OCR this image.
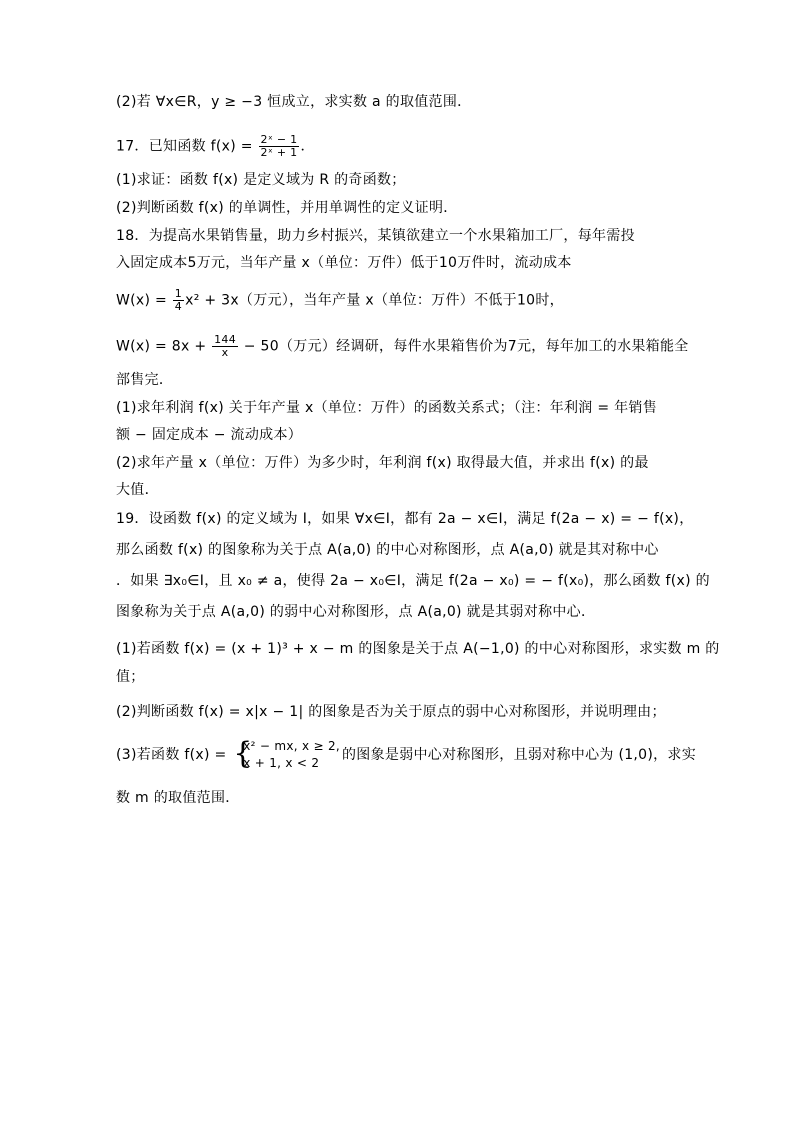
(2)若 ∀x∈R，y ≥ −3 恒成立，求实数 a 的取值范围．
17．已知函数 $f(x) = \frac{\text{2ˣ − 1}}{\text{2ˣ + 1}}$ ．
(1)求证：函数 f(x) 是定义域为 R 的奇函数；
(2)判断函数 f(x) 的单调性，并用单调性的定义证明．
18．为提高水果销售量，助力乡村振兴，某镇欲建立一个水果箱加工厂，每年需投
入固定成本5万元，当年产量 x（单位：万件）低于10万件时，流动成本
$W(x) = \frac{1}{4} x^2 + 3x$（万元），当年产量 x（单位：万件）不低于10时，
$W(x) = 8x + \frac{144}{x} - 50$（万元）经调研，每件水果箱售价为7元，每年加工的水果箱能全
部售完．
(1)求年利润 f(x) 关于年产量 x（单位：万件）的函数关系式；（注：年利润 = 年销售
额 − 固定成本 − 流动成本）
(2)求年产量 x（单位：万件）为多少时，年利润 f(x) 取得最大值，并求出 f(x) 的最
大值．
19．设函数 f(x) 的定义域为 I，如果 ∀x∈I，都有 2a − x∈I，满足 f(2a − x) = − f(x)，
那么函数 f(x) 的图象称为关于点 A(a,0) 的中心对称图形，点 A(a,0) 就是其对称中心
．如果 ∃x₀∈I，且 x₀ ≠ a，使得 2a − x₀∈I，满足 f(2a − x₀) = − f(x₀)，那么函数 f(x) 的
图象称为关于点 A(a,0) 的弱中心对称图形，点 A(a,0) 就是其弱对称中心．
(1)若函数 f(x) = (x + 1)³ + x − m 的图象是关于点 A(−1,0) 的中心对称图形，求实数 m 的
值；
(2)判断函数 f(x) = x|x − 1| 的图象是否为关于原点的弱中心对称图形，并说明理由；
(3)若函数 f(x) = {
x² − mx, x ≥ 2,
x + 1, x < 2	的图象是弱中心对称图形，且弱对称中心为 (1,0)，求实
数 m 的取值范围．
